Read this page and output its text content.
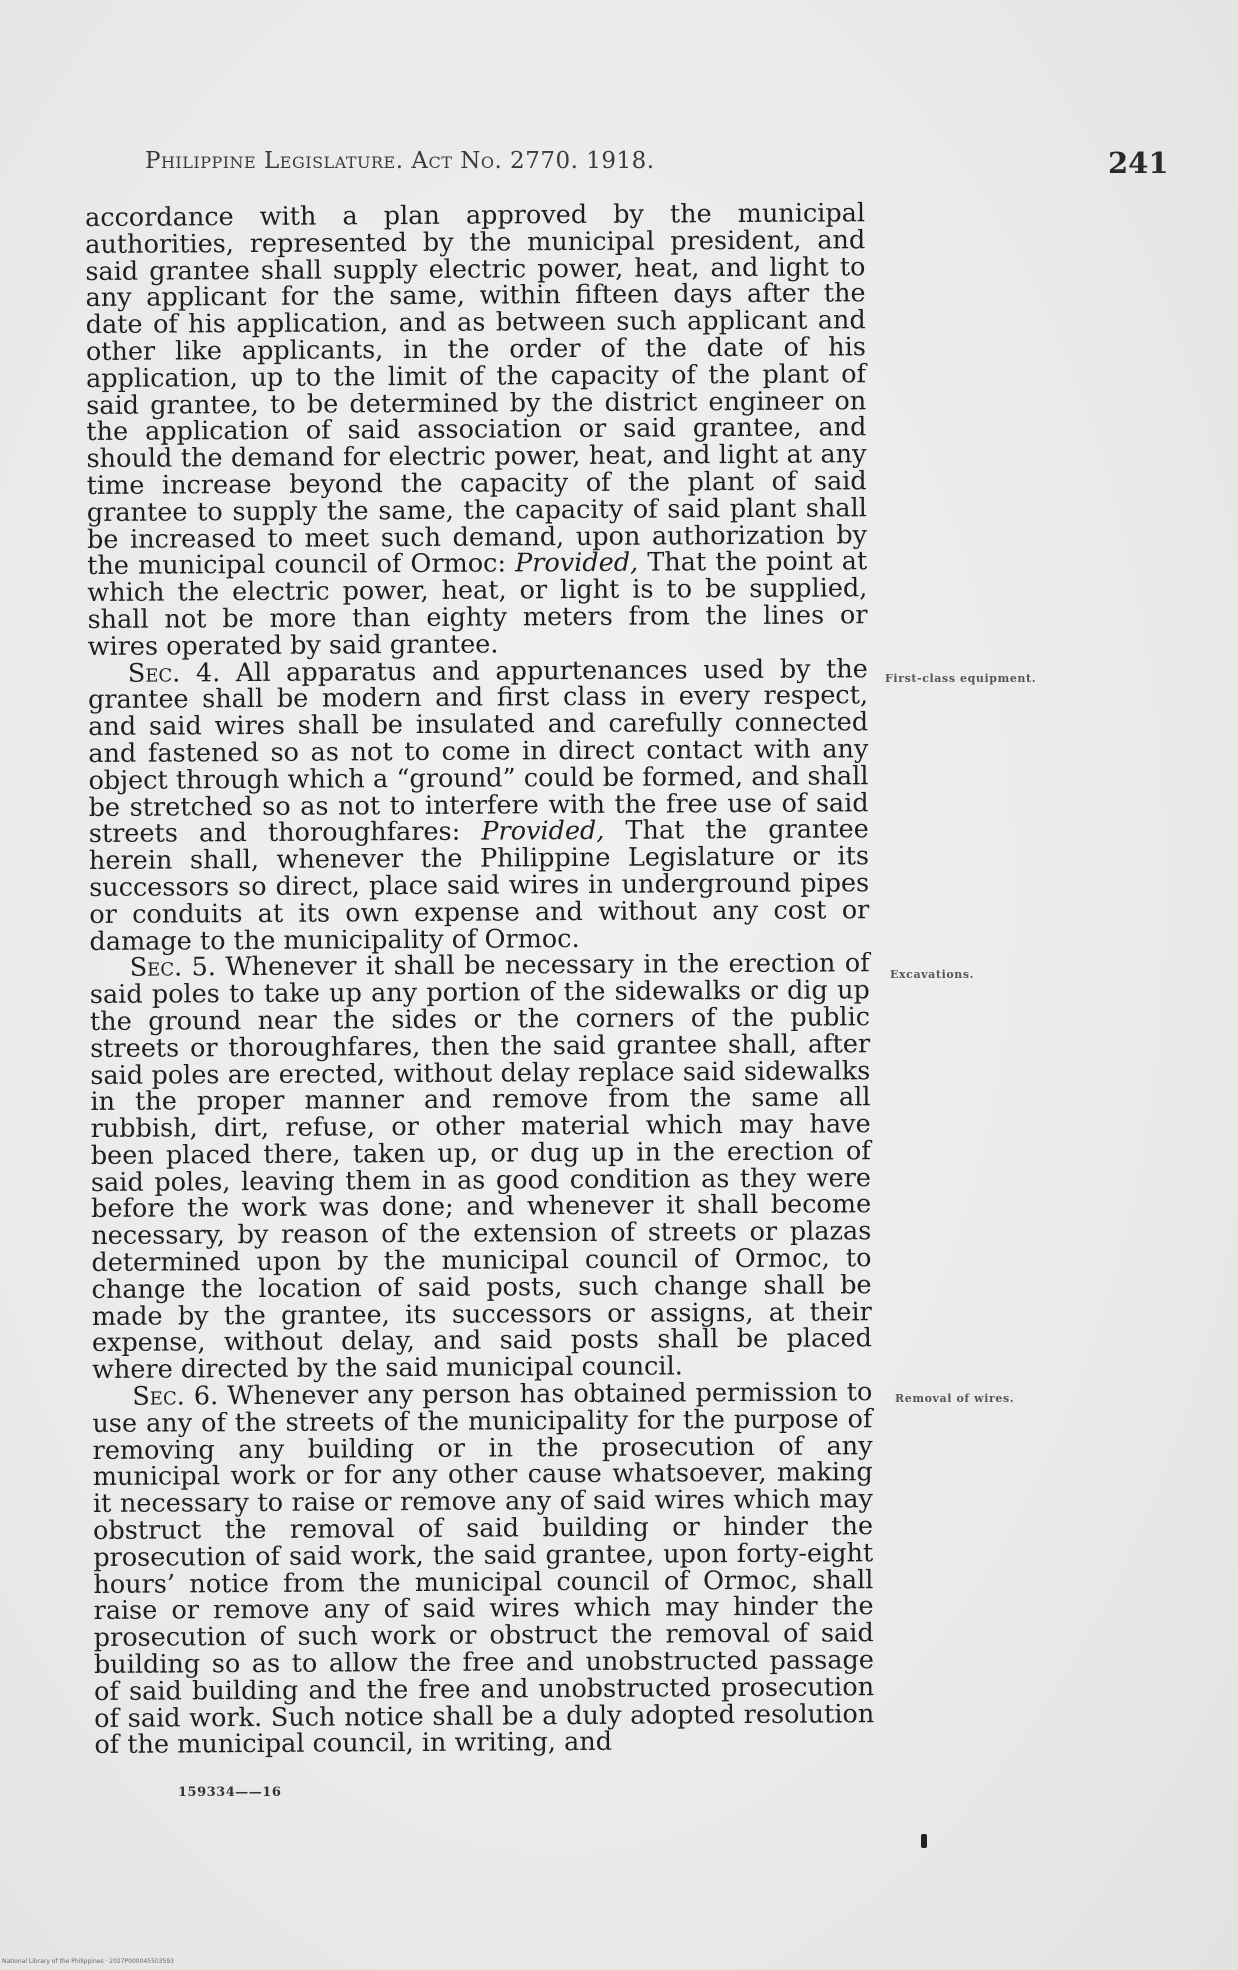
Philippine Legislature. Act No. 2770. 1918.	241

accordance with a plan approved by the municipal authorities, represented by the municipal president, and said grantee shall supply electric power, heat, and light to any applicant for the same, within fifteen days after the date of his application, and as between such applicant and other like applicants, in the order of the date of his application, up to the limit of the capacity of the plant of said grantee, to be determined by the district engineer on the application of said association or said grantee, and should the demand for electric power, heat, and light at any time increase beyond the capacity of the plant of said grantee to supply the same, the capacity of said plant shall be increased to meet such demand, upon authorization by the municipal council of Ormoc: Provided, That the point at which the electric power, heat, or light is to be supplied, shall not be more than eighty meters from the lines or wires operated by said grantee.

Sec. 4. All apparatus and appurtenances used by the grantee shall be modern and first class in every respect, and said wires shall be insulated and carefully connected and fastened so as not to come in direct contact with any object through which a “ground” could be formed, and shall be stretched so as not to interfere with the free use of said streets and thoroughfares: Provided, That the grantee herein shall, whenever the Philippine Legislature or its successors so direct, place said wires in underground pipes or conduits at its own expense and without any cost or damage to the municipality of Ormoc.

Sec. 5. Whenever it shall be necessary in the erection of said poles to take up any portion of the sidewalks or dig up the ground near the sides or the corners of the public streets or thoroughfares, then the said grantee shall, after said poles are erected, without delay replace said sidewalks in the proper manner and remove from the same all rubbish, dirt, refuse, or other material which may have been placed there, taken up, or dug up in the erection of said poles, leaving them in as good condition as they were before the work was done; and whenever it shall become necessary, by reason of the extension of streets or plazas determined upon by the municipal council of Ormoc, to change the location of said posts, such change shall be made by the grantee, its successors or assigns, at their expense, without delay, and said posts shall be placed where directed by the said municipal council.

Sec. 6. Whenever any person has obtained permission to use any of the streets of the municipality for the purpose of removing any building or in the prosecution of any municipal work or for any other cause whatsoever, making it necessary to raise or remove any of said wires which may obstruct the removal of said building or hinder the prosecution of said work, the said grantee, upon forty-eight hours’ notice from the municipal council of Ormoc, shall raise or remove any of said wires which may hinder the prosecution of such work or obstruct the removal of said building so as to allow the free and unobstructed passage of said building and the free and unobstructed prosecution of said work. Such notice shall be a duly adopted resolution of the municipal council, in writing, and

First-class equipment.
Excavations.
Removal of wires.
159334——16
National Library of the Philippines · 2027P000045503593
